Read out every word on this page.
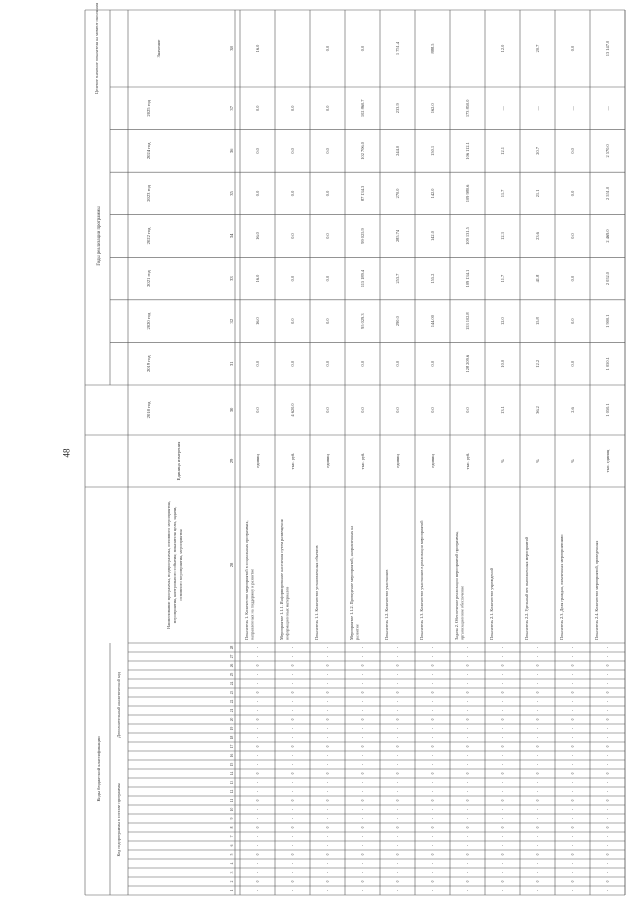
48
Коды бюджетной классификации
Код подпрограммы в составе программы
Дополнительный аналитический код
Наименование программы, подпрограммы, основного мероприятия,мероприятия, контрольного события; показателя цели, задачи,основного мероприятия, мероприятия
Единица измерения
2018 год
Годы реализации программы
2019 год
2020 год
2021 год
2022 год
2023 год
2024 год
2025 год
Целевое значение показателя на момент окончания	Значение
28
29
30
31
32
33
34
35
36
37
38
1
2
3
4
5
6
7
8
9
10
11
12
13
14
15
16
17
18
19
20
21
22
23
24
25
26
27
28
-
0
-
-
0
-
-
0
-
-
0
-
-
0
-
-
0
-
-
0
-
-
0
-
-
0
-
-
Показатель 1. Количество мероприятий в социальных программах,направленных на поддержку и развитие
единиц
0.0
0.0
16.0
16.0
16.0
0.0
0.0
0.0
16.0
-
0
-
-
0
-
-
0
-
-
0
-
-
0
-
-
0
-
-
0
-
-
0
-
-
0
-
-
Мероприятие 1.1.1. Информирование населения путем размещенияинформационных материалов
тыс. руб.
4 620.0
0.0
0.0
0.0
0.0
0.0
0.0
0.0
-
0
-
-
0
-
-
0
-
-
0
-
-
0
-
-
0
-
-
0
-
-
0
-
-
0
-
-
Показатель 1.1. Количество установленных объектов
единиц
0.0
0.0
0.0
0.0
0.0
0.0
0.0
0.0
0.0
-
0
-
-
0
-
-
0
-
-
0
-
-
0
-
-
0
-
-
0
-
-
0
-
-
0
-
-
Мероприятие 1.1.2. Проведение мероприятий, направленных наразвитие
тыс. руб.
0.0
0.0
95 029.3
115 189.4
99 025.9
87 134.3
102 706.0
102 860.7
0.0
-
0
-
-
0
-
-
0
-
-
0
-
-
0
-
-
0
-
-
0
-
-
0
-
-
0
-
-
Показатель 1.2. Количество участников
единиц
0.0
0.0
290.0
253.7
285.74
270.0
244.0
233.9
1 751.4
-
0
-
-
0
-
-
0
-
-
0
-
-
0
-
-
0
-
-
0
-
-
0
-
-
0
-
-
Показатель 1.3. Количество участников в реализации мероприятий
единиц
0.0
0.0
144.00
155.2
142.0
142.0
150.1
162.0
888.5
-
0
-
-
0
-
-
0
-
-
0
-
-
0
-
-
0
-
-
0
-
-
0
-
-
0
-
-
Задача 2. Обеспечение реализации мероприятий программы,организационное обеспечение
тыс. руб.
0.0
128 209.6
153 102.8
109 134.1
109 131.5
109 980.6
106 112.1
173 850.0
-
0
-
-
0
-
-
0
-
-
0
-
-
0
-
-
0
-
-
0
-
-
0
-
-
0
-
-
Показатель 2.1. Количество учреждений
%
13.1
10.0
12.0
11.7
12.3
11.7
12.1
—
12.0
-
0
-
-
0
-
-
0
-
-
0
-
-
0
-
-
0
-
-
0
-
-
0
-
-
0
-
-
Показатель 2.2. Удельный вес выполненных мероприятий
%
36.2
12.2
15.8
41.8
23.6
21.1
20.7
—
20.7
-
0
-
-
0
-
-
0
-
-
0
-
-
0
-
-
0
-
-
0
-
-
0
-
-
0
-
-
Показатель 2.3. Доля граждан, охваченных мероприятиями
%
2.6
0.0
0.0
0.0
0.0
0.0
0.0
—
0.0
-
0
-
-
0
-
-
0
-
-
0
-
-
0
-
-
0
-
-
0
-
-
0
-
-
0
-
-
Показатель 2.4. Количество мероприятий, проведенных
тыс. единиц
1 050.1
1 050.1
1 900.1
2 052.0
2 469.0
2 551.0
2 570.0
—
13 147.0
